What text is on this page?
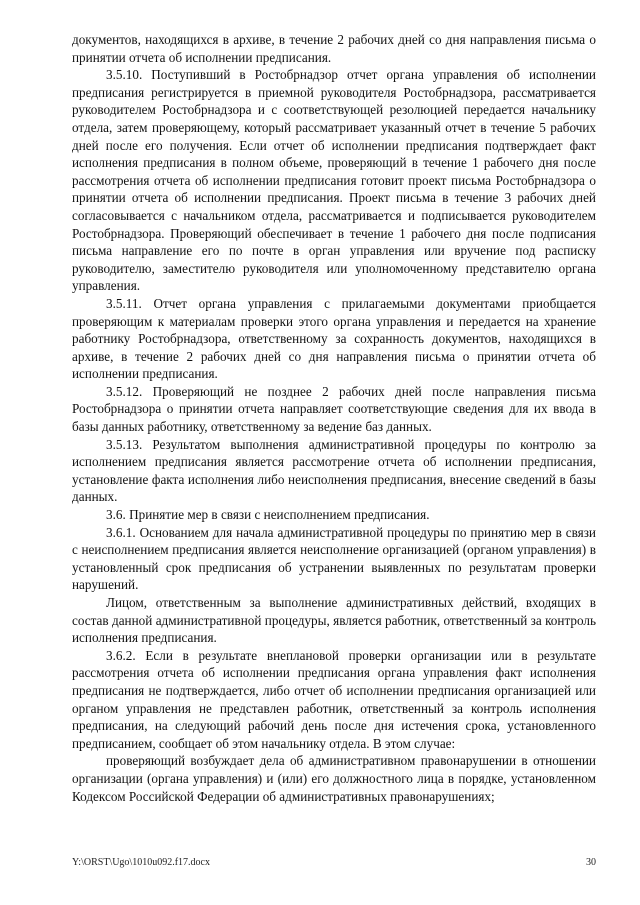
документов, находящихся в архиве, в течение 2 рабочих дней со дня направления письма о принятии отчета об исполнении предписания.

3.5.10. Поступивший в Ростобрнадзор отчет органа управления об исполнении предписания регистрируется в приемной руководителя Ростобрнадзора, рассматривается руководителем Ростобрнадзора и с соответствующей резолюцией передается начальнику отдела, затем проверяющему, который рассматривает указанный отчет в течение 5 рабочих дней после его получения. Если отчет об исполнении предписания подтверждает факт исполнения предписания в полном объеме, проверяющий в течение 1 рабочего дня после рассмотрения отчета об исполнении предписания готовит проект письма Ростобрнадзора о принятии отчета об исполнении предписания. Проект письма в течение 3 рабочих дней согласовывается с начальником отдела, рассматривается и подписывается руководителем Ростобрнадзора. Проверяющий обеспечивает в течение 1 рабочего дня после подписания письма направление его по почте в орган управления или вручение под расписку руководителю, заместителю руководителя или уполномоченному представителю органа управления.

3.5.11. Отчет органа управления с прилагаемыми документами приобщается проверяющим к материалам проверки этого органа управления и передается на хранение работнику Ростобрнадзора, ответственному за сохранность документов, находящихся в архиве, в течение 2 рабочих дней со дня направления письма о принятии отчета об исполнении предписания.

3.5.12. Проверяющий не позднее 2 рабочих дней после направления письма Ростобрнадзора о принятии отчета направляет соответствующие сведения для их ввода в базы данных работнику, ответственному за ведение баз данных.

3.5.13. Результатом выполнения административной процедуры по контролю за исполнением предписания является рассмотрение отчета об исполнении предписания, установление факта исполнения либо неисполнения предписания, внесение сведений в базы данных.

3.6. Принятие мер в связи с неисполнением предписания.

3.6.1. Основанием для начала административной процедуры по принятию мер в связи с неисполнением предписания является неисполнение организацией (органом управления) в установленный срок предписания об устранении выявленных по результатам проверки нарушений.

Лицом, ответственным за выполнение административных действий, входящих в состав данной административной процедуры, является работник, ответственный за контроль исполнения предписания.

3.6.2. Если в результате внеплановой проверки организации или в результате рассмотрения отчета об исполнении предписания органа управления факт исполнения предписания не подтверждается, либо отчет об исполнении предписания организацией или органом управления не представлен работник, ответственный за контроль исполнения предписания, на следующий рабочий день после дня истечения срока, установленного предписанием, сообщает об этом начальнику отдела. В этом случае:

проверяющий возбуждает дела об административном правонарушении в отношении организации (органа управления) и (или) его должностного лица в порядке, установленном Кодексом Российской Федерации об административных правонарушениях;

Y:\ORST\Ugo\1010u092.f17.docx	30
